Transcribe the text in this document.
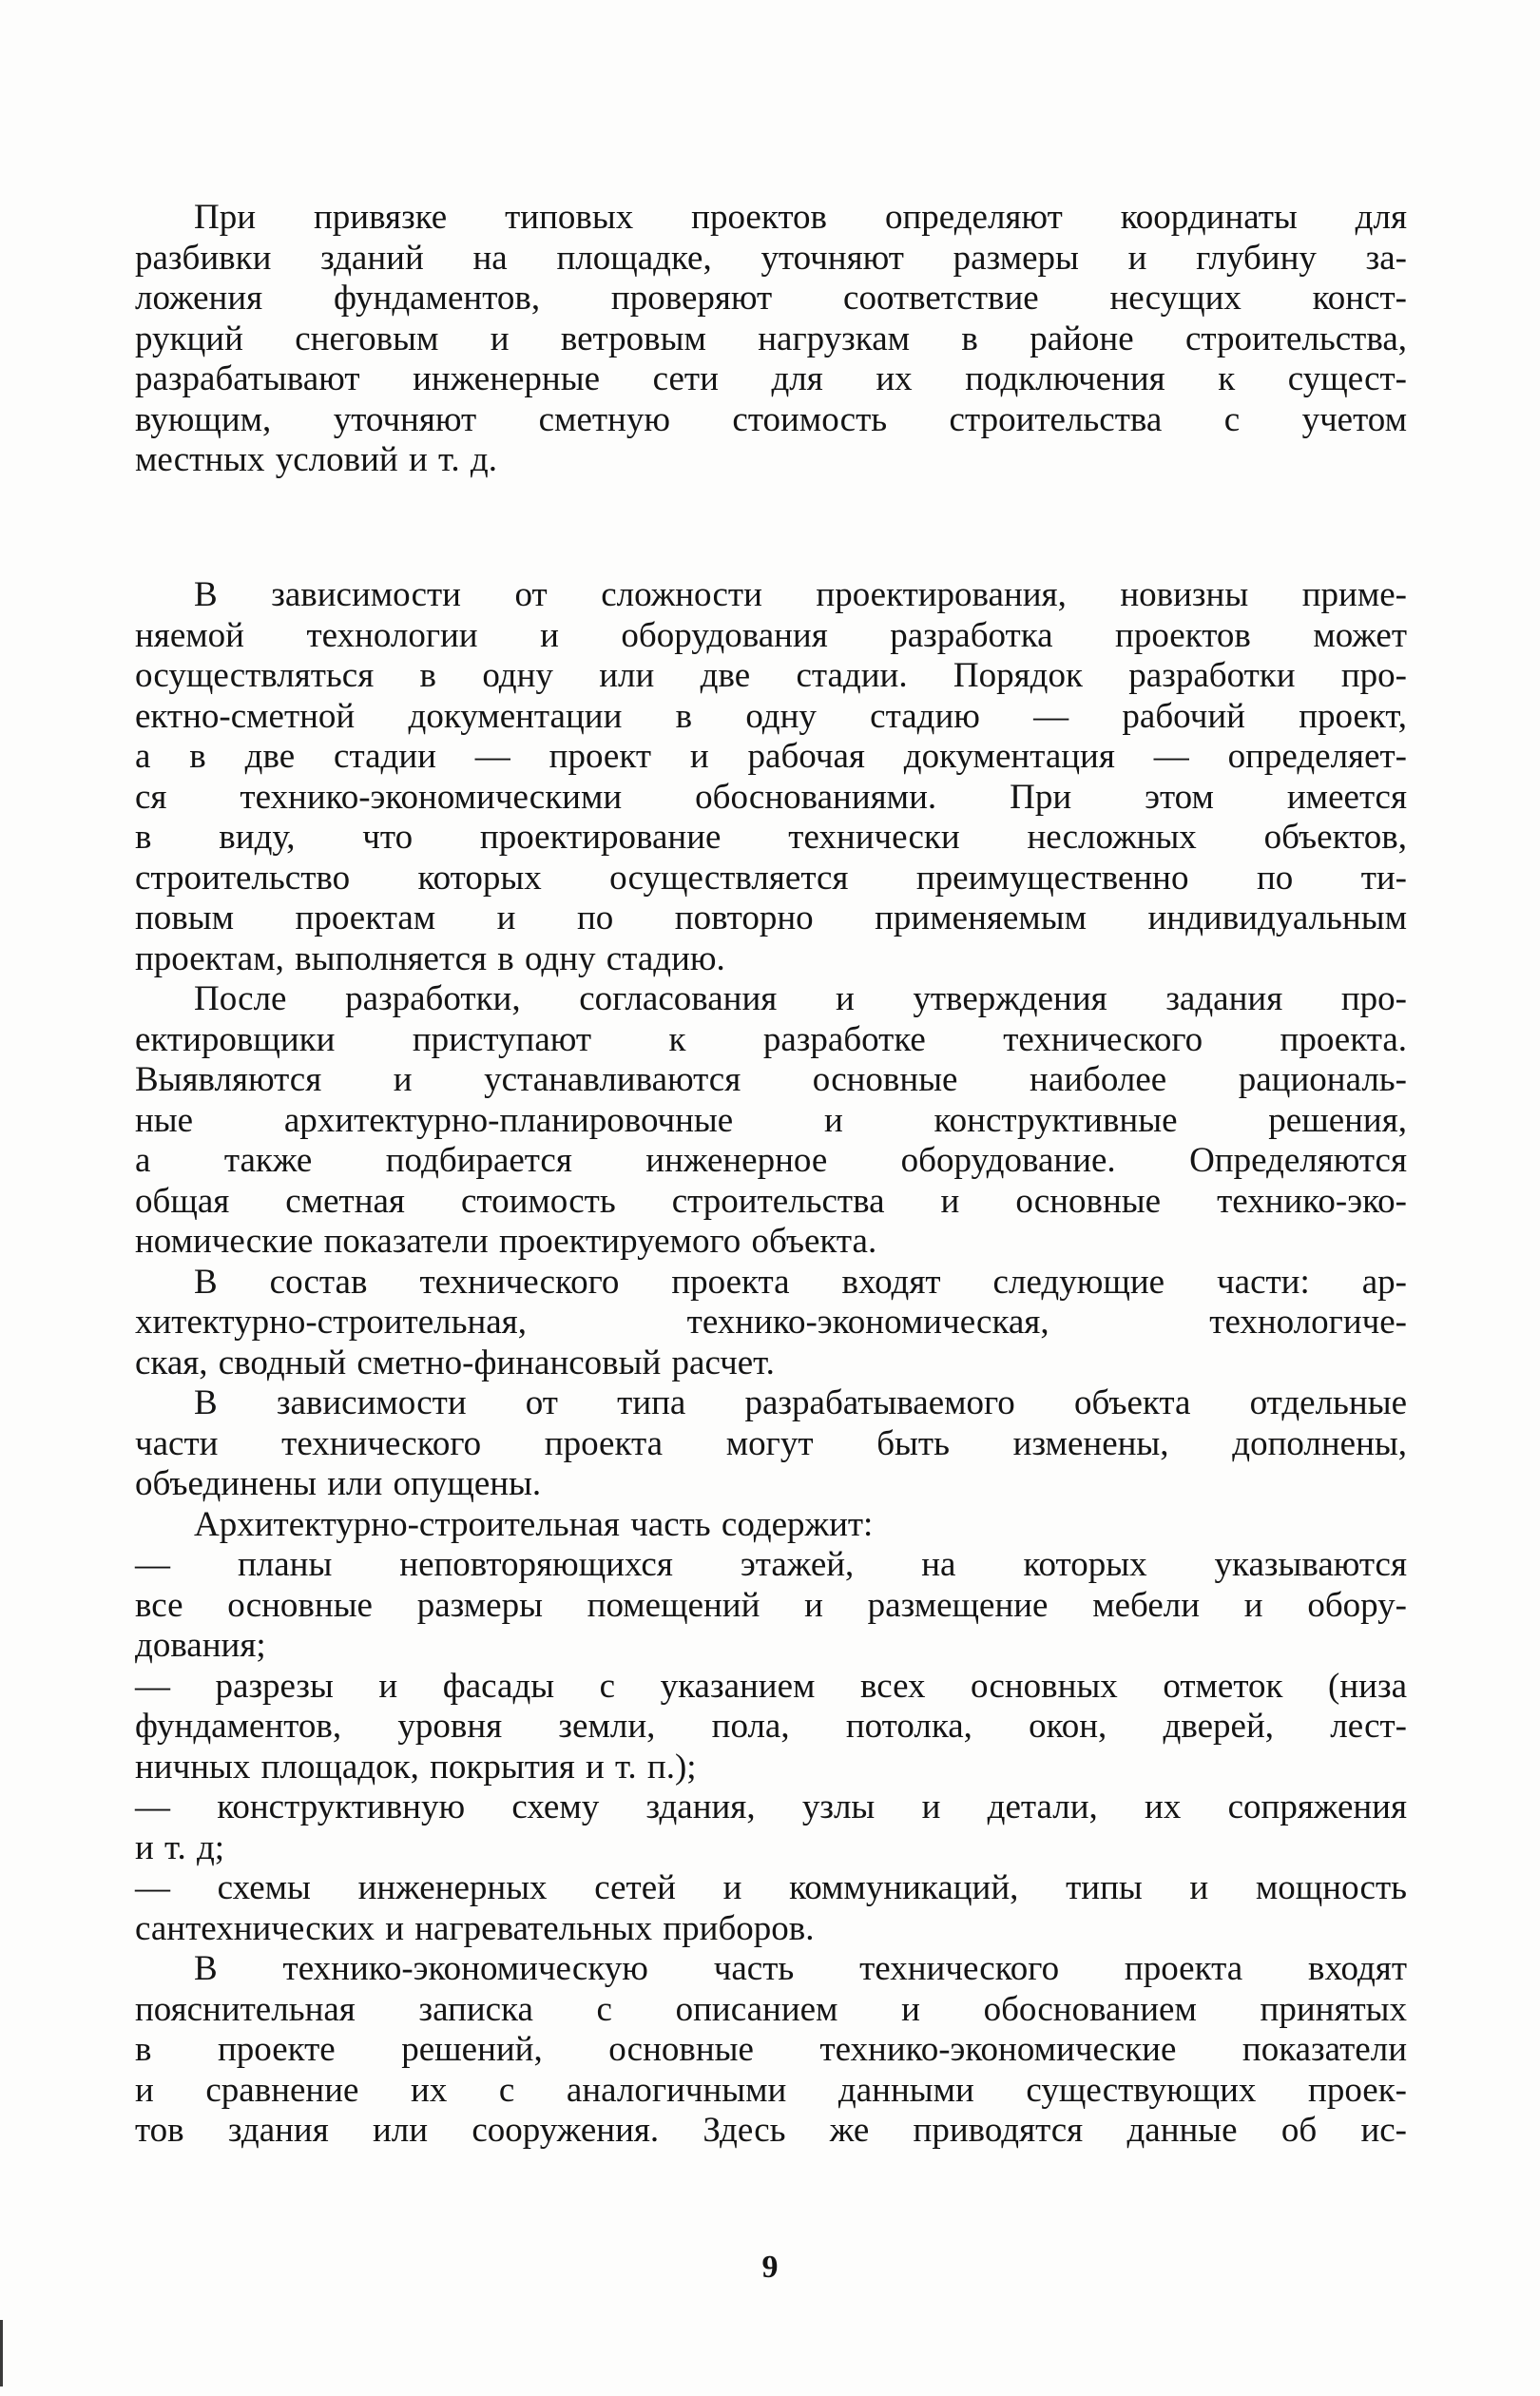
При привязке типовых проектов определяют координаты для
разбивки зданий на площадке, уточняют размеры и глубину за-
ложения фундаментов, проверяют соответствие несущих конст-
рукций снеговым и ветровым нагрузкам в районе строительства,
разрабатывают инженерные сети для их подключения к сущест-
вующим, уточняют сметную стоимость строительства с учетом
местных условий и т. д.
В зависимости от сложности проектирования, новизны приме-
няемой технологии и оборудования разработка проектов может
осуществляться в одну или две стадии. Порядок разработки про-
ектно-сметной документации в одну стадию — рабочий проект,
а в две стадии — проект и рабочая документация — определяет-
ся технико-экономическими обоснованиями. При этом имеется
в виду, что проектирование технически несложных объектов,
строительство которых осуществляется преимущественно по ти-
повым проектам и по повторно применяемым индивидуальным
проектам, выполняется в одну стадию.
После разработки, согласования и утверждения задания про-
ектировщики приступают к разработке технического проекта.
Выявляются и устанавливаются основные наиболее рациональ-
ные архитектурно-планировочные и конструктивные решения,
а также подбирается инженерное оборудование. Определяются
общая сметная стоимость строительства и основные технико-эко-
номические показатели проектируемого объекта.
В состав технического проекта входят следующие части: ар-
хитектурно-строительная, технико-экономическая, технологиче-
ская, сводный сметно-финансовый расчет.
В зависимости от типа разрабатываемого объекта отдельные
части технического проекта могут быть изменены, дополнены,
объединены или опущены.
Архитектурно-строительная часть содержит:
— планы неповторяющихся этажей, на которых указываются
все основные размеры помещений и размещение мебели и обору-
дования;
— разрезы и фасады с указанием всех основных отметок (низа
фундаментов, уровня земли, пола, потолка, окон, дверей, лест-
ничных площадок, покрытия и т. п.);
— конструктивную схему здания, узлы и детали, их сопряжения
и т. д;
— схемы инженерных сетей и коммуникаций, типы и мощность
сантехнических и нагревательных приборов.
В технико-экономическую часть технического проекта входят
пояснительная записка с описанием и обоснованием принятых
в проекте решений, основные технико-экономические показатели
и сравнение их с аналогичными данными существующих проек-
тов здания или сооружения. Здесь же приводятся данные об ис-
9
